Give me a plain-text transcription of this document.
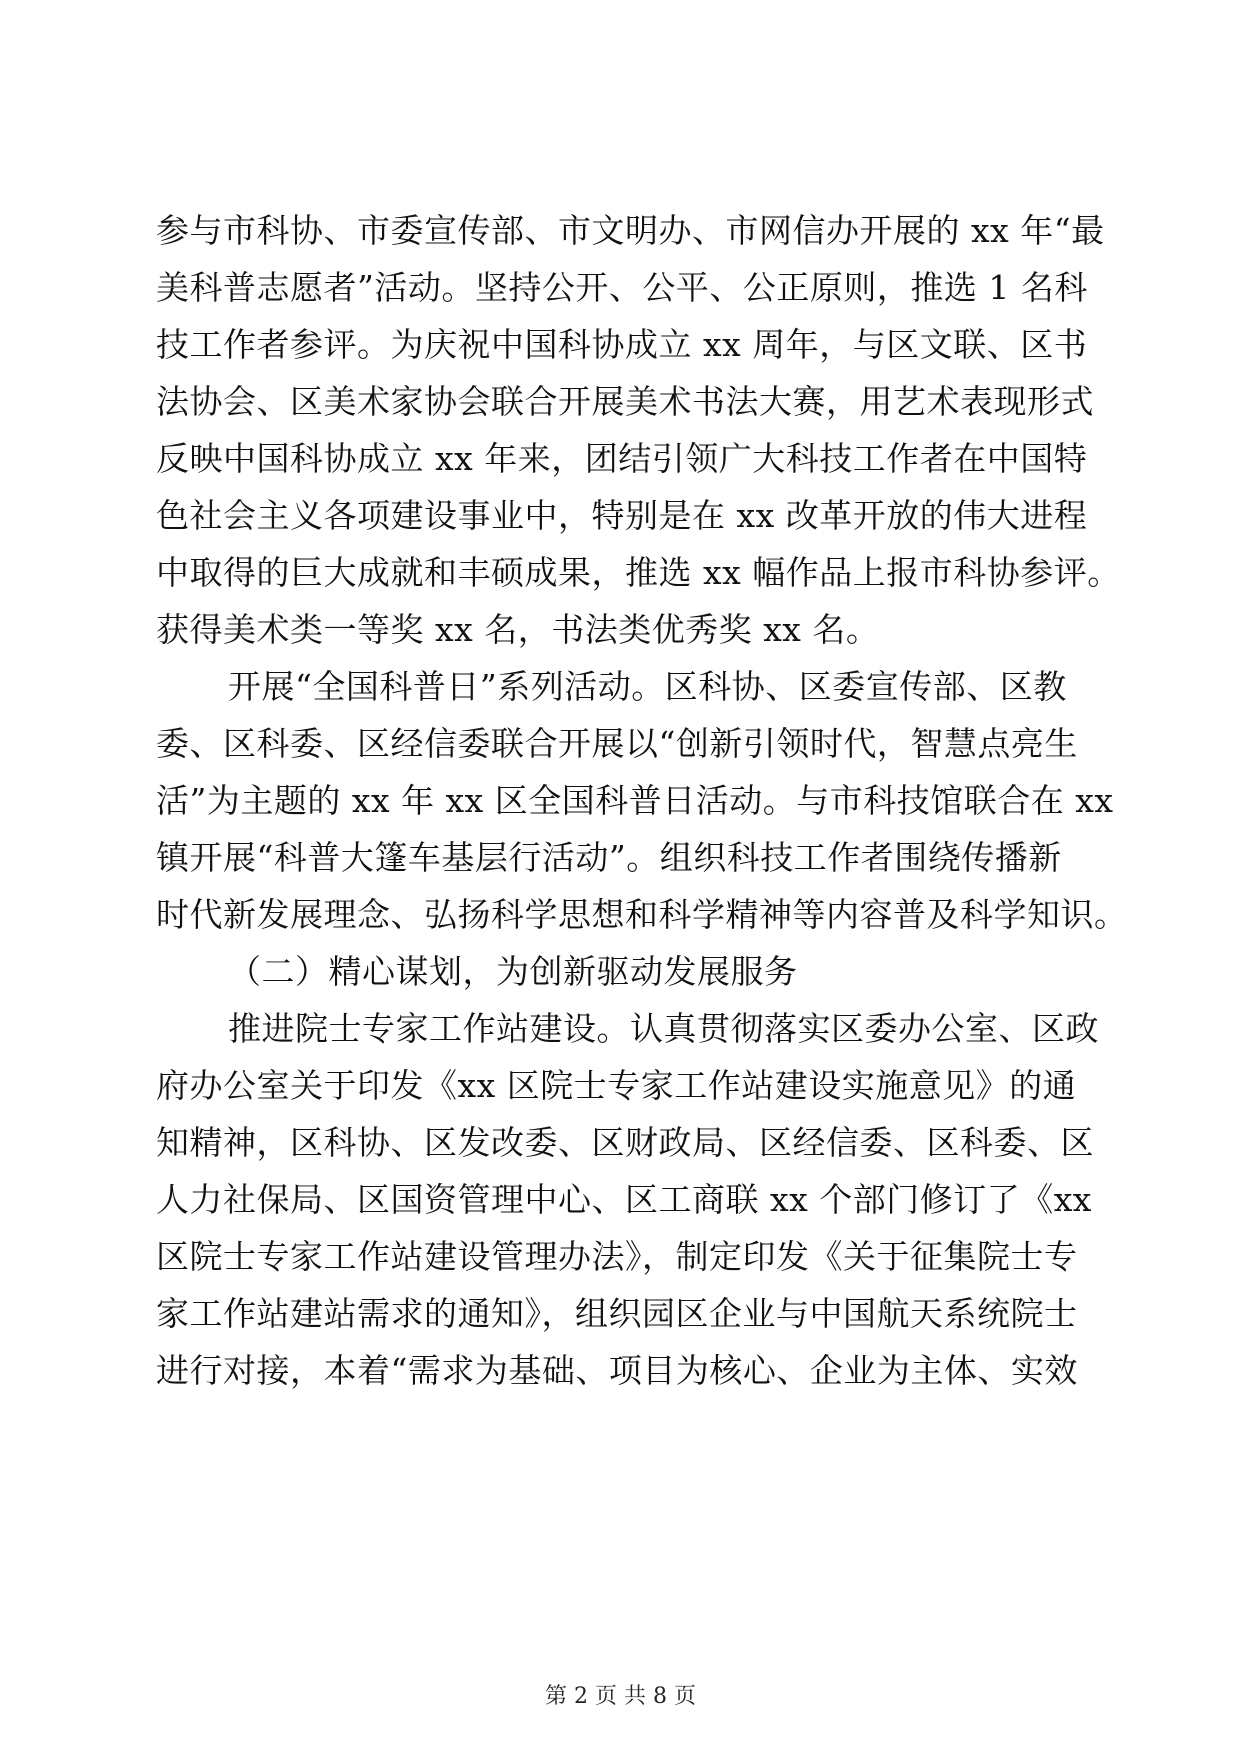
参与市科协、市委宣传部、市文明办、市网信办开展的 xx 年“最
美科普志愿者”活动。坚持公开、公平、公正原则，推选 1 名科
技工作者参评。为庆祝中国科协成立 xx 周年，与区文联、区书
法协会、区美术家协会联合开展美术书法大赛，用艺术表现形式
反映中国科协成立 xx 年来，团结引领广大科技工作者在中国特
色社会主义各项建设事业中，特别是在 xx 改革开放的伟大进程
中取得的巨大成就和丰硕成果，推选 xx 幅作品上报市科协参评。
获得美术类一等奖 xx 名，书法类优秀奖 xx 名。
开展“全国科普日”系列活动。区科协、区委宣传部、区教
委、区科委、区经信委联合开展以“创新引领时代，智慧点亮生
活”为主题的 xx 年 xx 区全国科普日活动。与市科技馆联合在 xx
镇开展“科普大篷车基层行活动”。组织科技工作者围绕传播新
时代新发展理念、弘扬科学思想和科学精神等内容普及科学知识。
（二）精心谋划，为创新驱动发展服务
推进院士专家工作站建设。认真贯彻落实区委办公室、区政
府办公室关于印发《xx 区院士专家工作站建设实施意见》的通
知精神，区科协、区发改委、区财政局、区经信委、区科委、区
人力社保局、区国资管理中心、区工商联 xx 个部门修订了《xx
区院士专家工作站建设管理办法》，制定印发《关于征集院士专
家工作站建站需求的通知》，组织园区企业与中国航天系统院士
进行对接，本着“需求为基础、项目为核心、企业为主体、实效
第 2 页 共 8 页
